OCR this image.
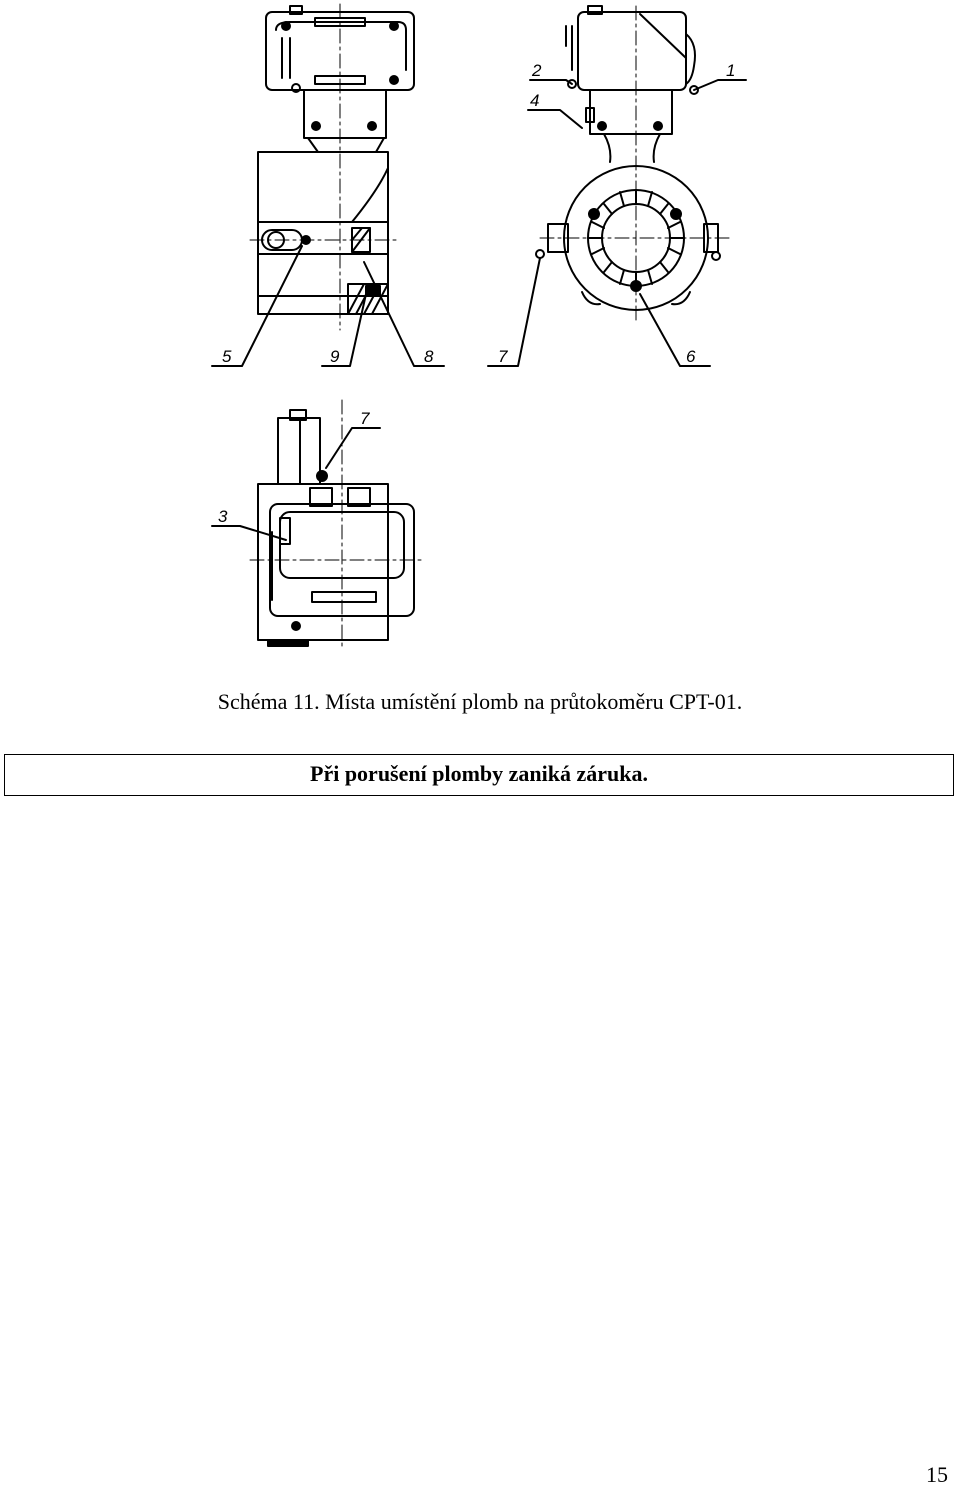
5	9	8
2
4
1
7	6
3
7
Schéma 11. Místa umístění plomb na průtokoměru CPT-01.
Při porušení plomby zaniká záruka.
15
